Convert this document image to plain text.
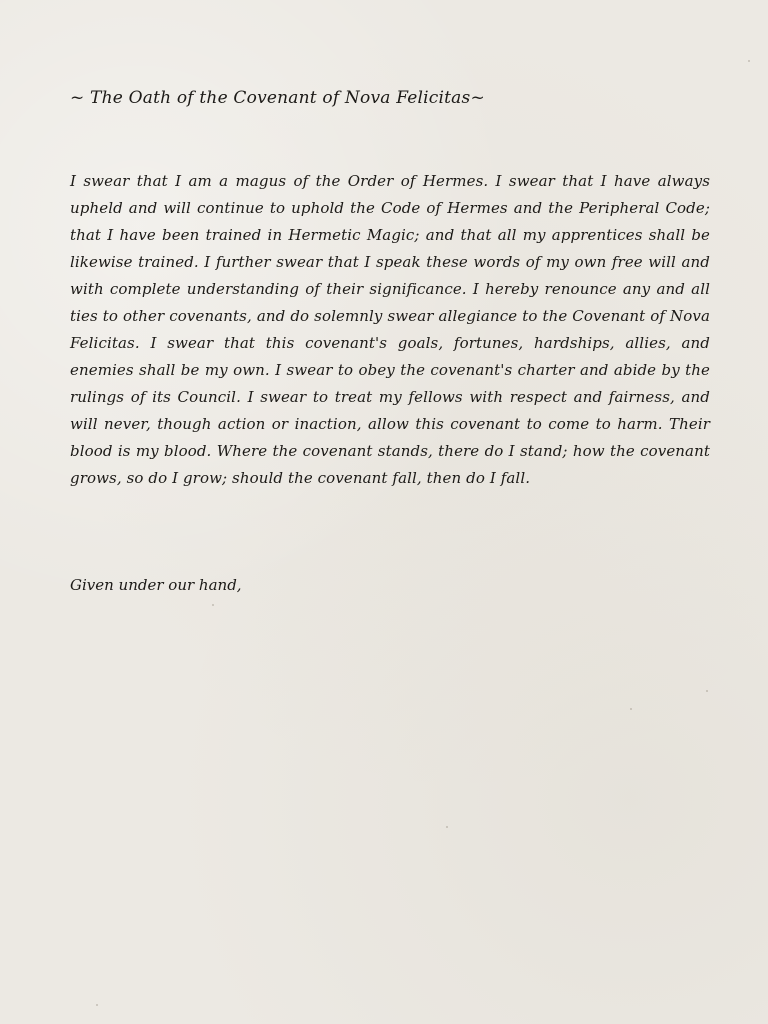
~ The Oath of the Covenant of Nova Felicitas~

I swear that I am a magus of the Order of Hermes. I swear that I have always upheld and will continue to uphold the Code of Hermes and the Peripheral Code; that I have been trained in Hermetic Magic; and that all my apprentices shall be likewise trained. I further swear that I speak these words of my own free will and with complete understanding of their significance. I hereby renounce any and all ties to other covenants, and do solemnly swear allegiance to the Covenant of Nova Felicitas. I swear that this covenant's goals, fortunes, hardships, allies, and enemies shall be my own. I swear to obey the covenant's charter and abide by the rulings of its Council. I swear to treat my fellows with respect and fairness, and will never, though action or inaction, allow this covenant to come to harm. Their blood is my blood. Where the covenant stands, there do I stand; how the covenant grows, so do I grow; should the covenant fall, then do I fall.

Given under our hand,
